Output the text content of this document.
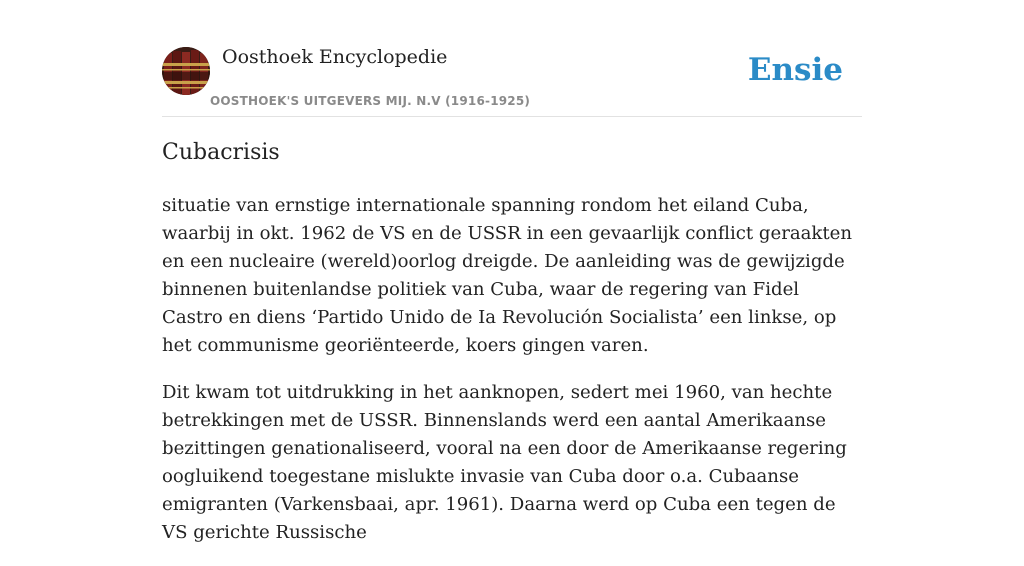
Oosthoek Encyclopedie
OOSTHOEK'S UITGEVERS MIJ. N.V (1916-1925)
Ensie
Cubacrisis

situatie van ernstige internationale spanning rondom het eiland Cuba, waarbij in okt. 1962 de VS en de USSR in een gevaarlijk conflict geraakten en een nucleaire (wereld)oorlog dreigde. De aanleiding was de gewijzigde binnenen buitenlandse politiek van Cuba, waar de regering van Fidel Castro en diens ‘Partido Unido de Ia Revolución Socialista’ een linkse, op het communisme georiënteerde, koers gingen varen.

Dit kwam tot uitdrukking in het aanknopen, sedert mei 1960, van hechte betrekkingen met de USSR. Binnenslands werd een aantal Amerikaanse bezittingen genationaliseerd, vooral na een door de Amerikaanse regering oogluikend toegestane mislukte invasie van Cuba door o.a. Cubaanse emigranten (Varkensbaai, apr. 1961). Daarna werd op Cuba een tegen de VS gerichte Russische
